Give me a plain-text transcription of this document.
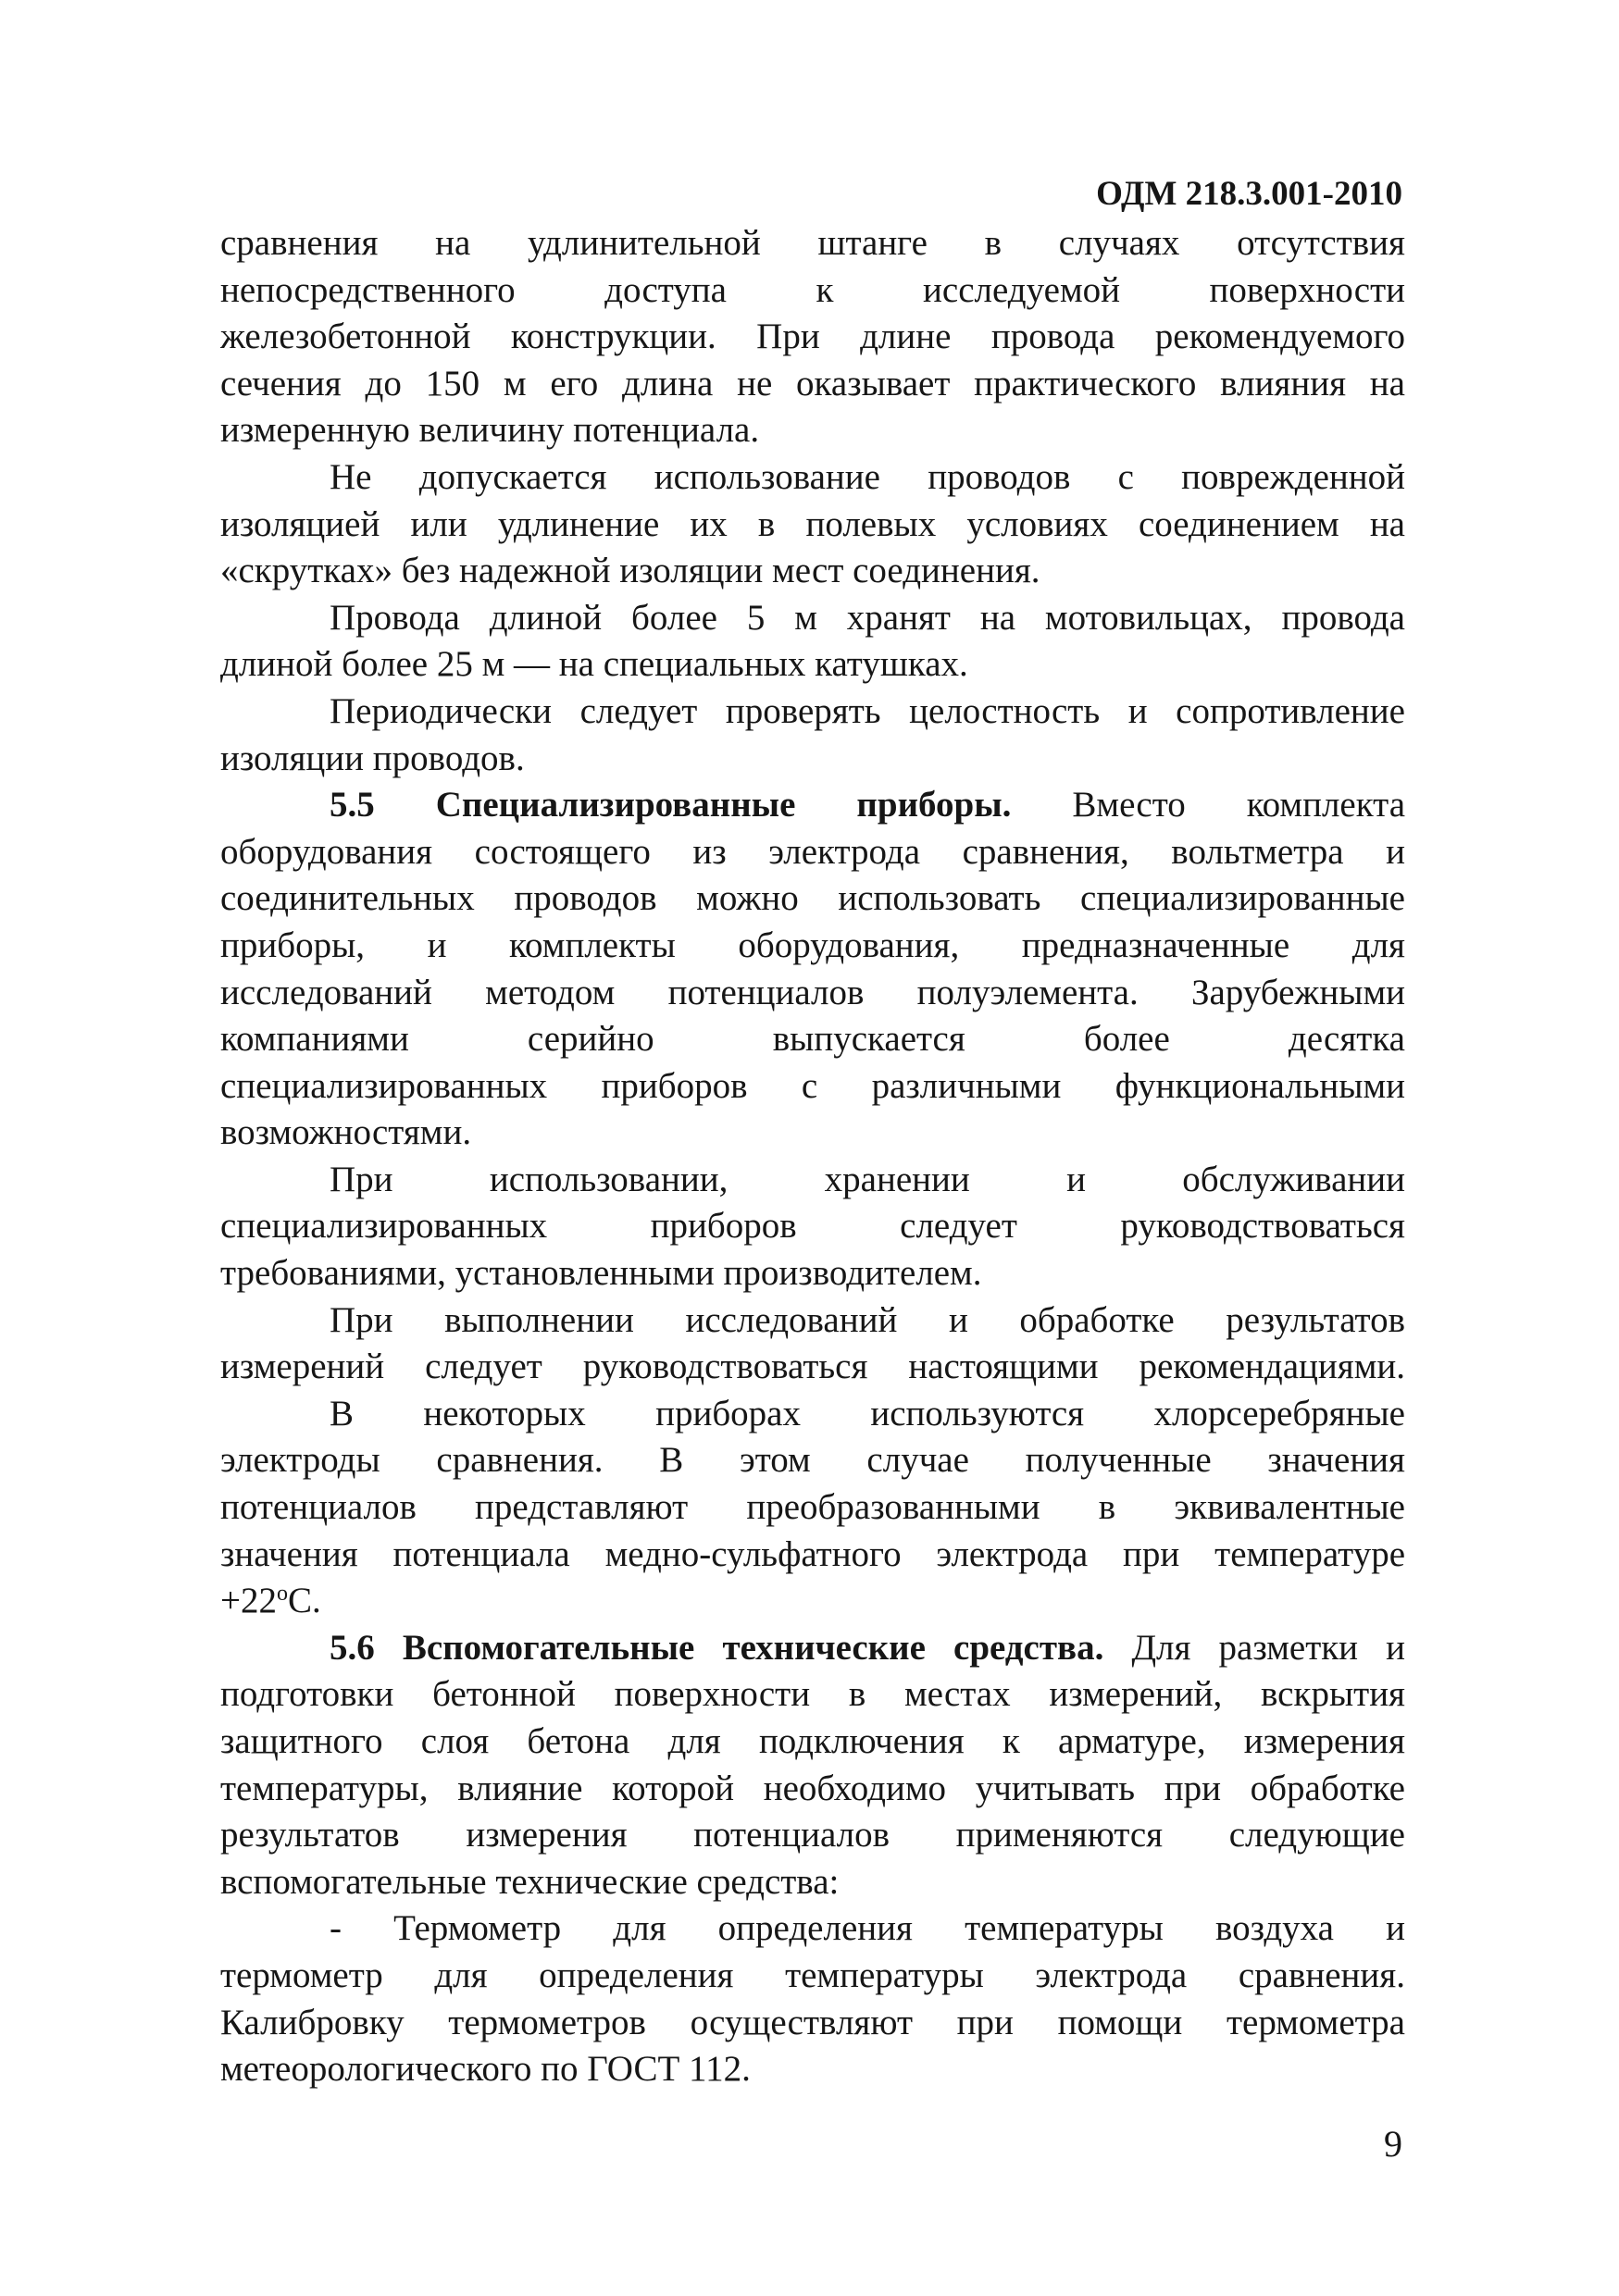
ОДМ 218.3.001-2010
сравнения на удлинительной штанге в случаях отсутствия
непосредственного доступа к исследуемой поверхности
железобетонной конструкции. При длине провода рекомендуемого
сечения до 150 м его длина не оказывает практического влияния на
измеренную величину потенциала.
Не допускается использование проводов с поврежденной
изоляцией или удлинение их в полевых условиях соединением на
«скрутках» без надежной изоляции мест соединения.
Провода длиной более 5 м хранят на мотовильцах, провода
длиной более 25 м — на специальных катушках.
Периодически следует проверять целостность и сопротивление
изоляции проводов.
5.5 Специализированные приборы. Вместо комплекта
оборудования состоящего из электрода сравнения, вольтметра и
соединительных проводов можно использовать специализированные
приборы, и комплекты оборудования, предназначенные для
исследований методом потенциалов полуэлемента. Зарубежными
компаниями серийно выпускается более десятка
специализированных приборов с различными функциональными
возможностями.
При использовании, хранении и обслуживании
специализированных приборов следует руководствоваться
требованиями, установленными производителем.
При выполнении исследований и обработке результатов
измерений следует руководствоваться настоящими рекомендациями.
В некоторых приборах используются хлорсеребряные
электроды сравнения. В этом случае полученные значения
потенциалов представляют преобразованными в эквивалентные
значения потенциала медно-сульфатного электрода при температуре
$+22^оС$.
5.6 Вспомогательные технические средства. Для разметки и
подготовки бетонной поверхности в местах измерений, вскрытия
защитного слоя бетона для подключения к арматуре, измерения
температуры, влияние которой необходимо учитывать при обработке
результатов измерения потенциалов применяются следующие
вспомогательные технические средства:
- Термометр для определения температуры воздуха и
термометр для определения температуры электрода сравнения.
Калибровку термометров осуществляют при помощи термометра
метеорологического по ГОСТ 112.
9
